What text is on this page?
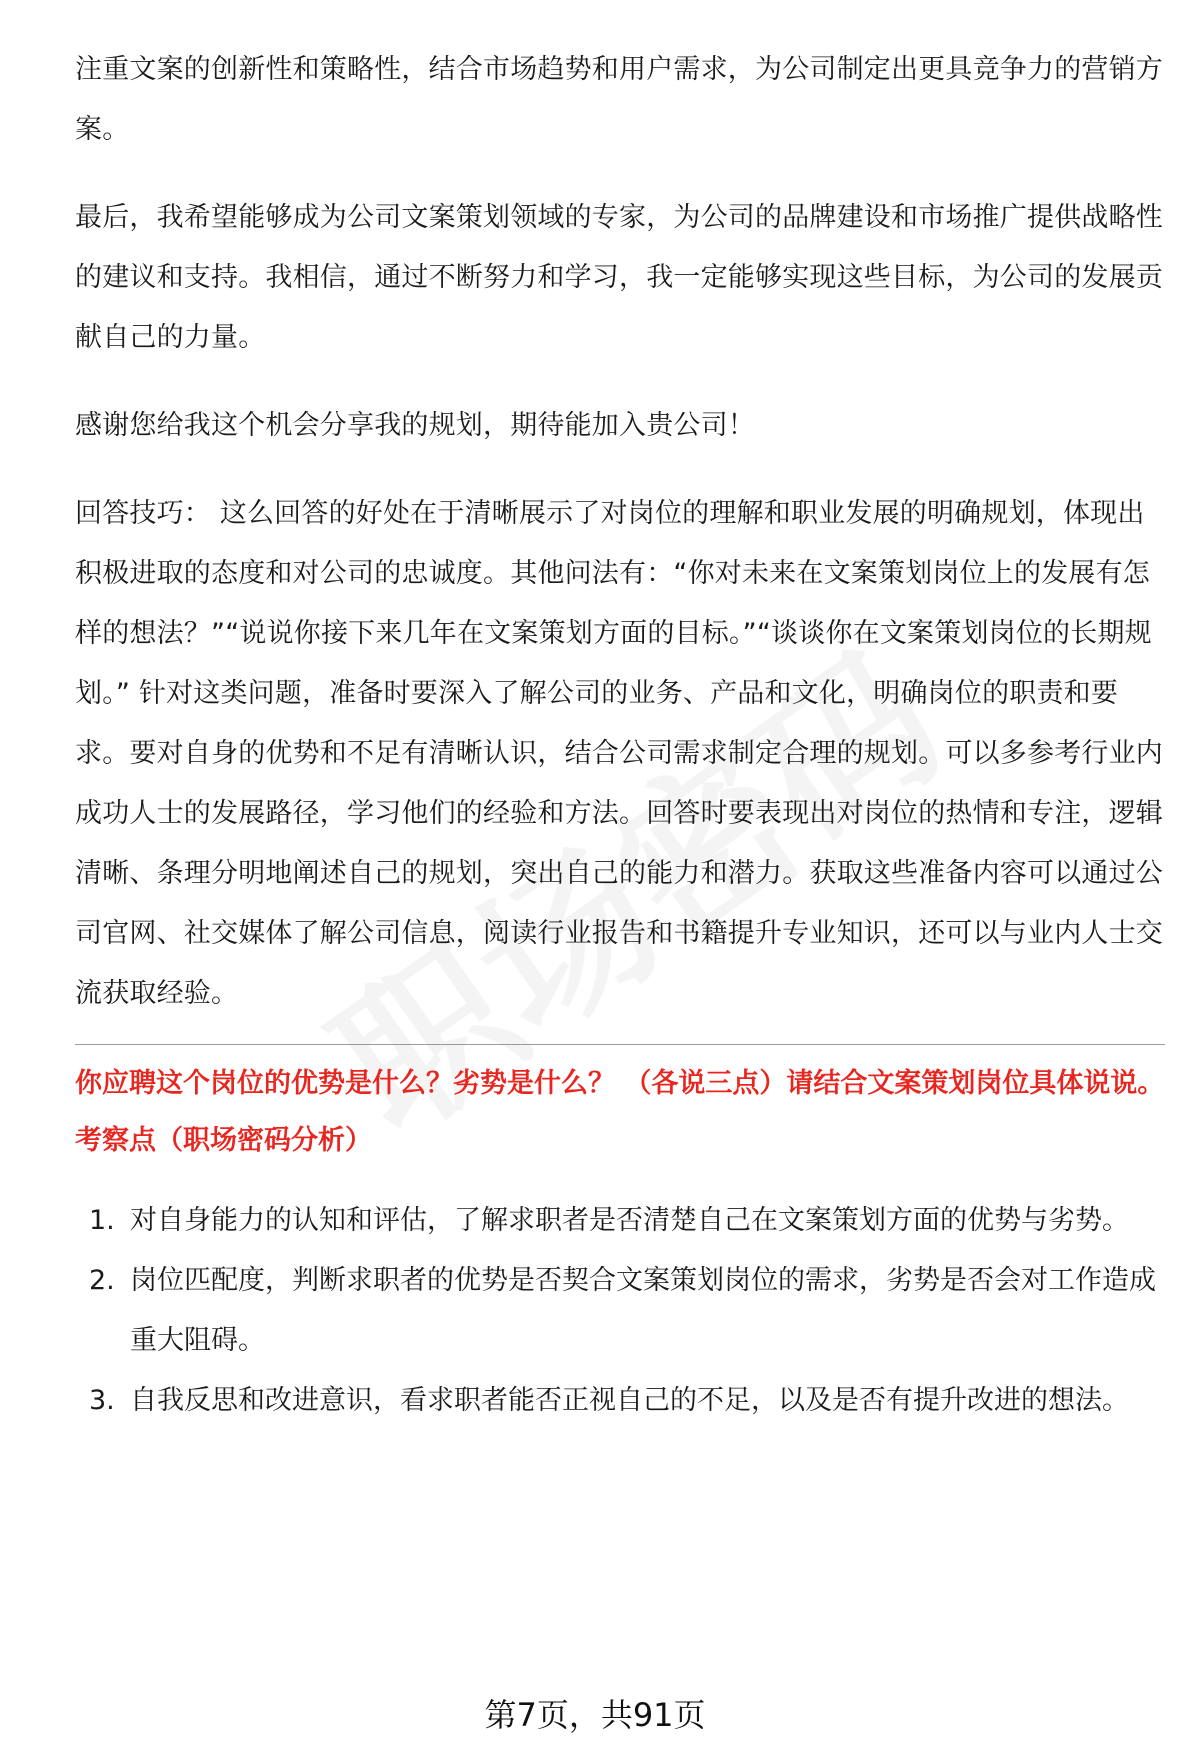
注重文案的创新性和策略性，结合市场趋势和用户需求，为公司制定出更具竞争力的营销方案。

最后，我希望能够成为公司文案策划领域的专家，为公司的品牌建设和市场推广提供战略性的建议和支持。我相信，通过不断努力和学习，我一定能够实现这些目标，为公司的发展贡献自己的力量。

感谢您给我这个机会分享我的规划，期待能加入贵公司！

回答技巧： 这么回答的好处在于清晰展示了对岗位的理解和职业发展的明确规划，体现出积极进取的态度和对公司的忠诚度。其他问法有：“你对未来在文案策划岗位上的发展有怎样的想法？”“说说你接下来几年在文案策划方面的目标。”“谈谈你在文案策划岗位的长期规划。” 针对这类问题，准备时要深入了解公司的业务、产品和文化，明确岗位的职责和要求。要对自身的优势和不足有清晰认识，结合公司需求制定合理的规划。可以多参考行业内成功人士的发展路径，学习他们的经验和方法。回答时要表现出对岗位的热情和专注，逻辑清晰、条理分明地阐述自己的规划，突出自己的能力和潜力。获取这些准备内容可以通过公司官网、社交媒体了解公司信息，阅读行业报告和书籍提升专业知识，还可以与业内人士交流获取经验。

你应聘这个岗位的优势是什么？劣势是什么？ （各说三点）请结合文案策划岗位具体说说。
考察点（职场密码分析）
1. 对自身能力的认知和评估，了解求职者是否清楚自己在文案策划方面的优势与劣势。
2. 岗位匹配度，判断求职者的优势是否契合文案策划岗位的需求，劣势是否会对工作造成重大阻碍。
3. 自我反思和改进意识，看求职者能否正视自己的不足，以及是否有提升改进的想法。
第7页，共91页
